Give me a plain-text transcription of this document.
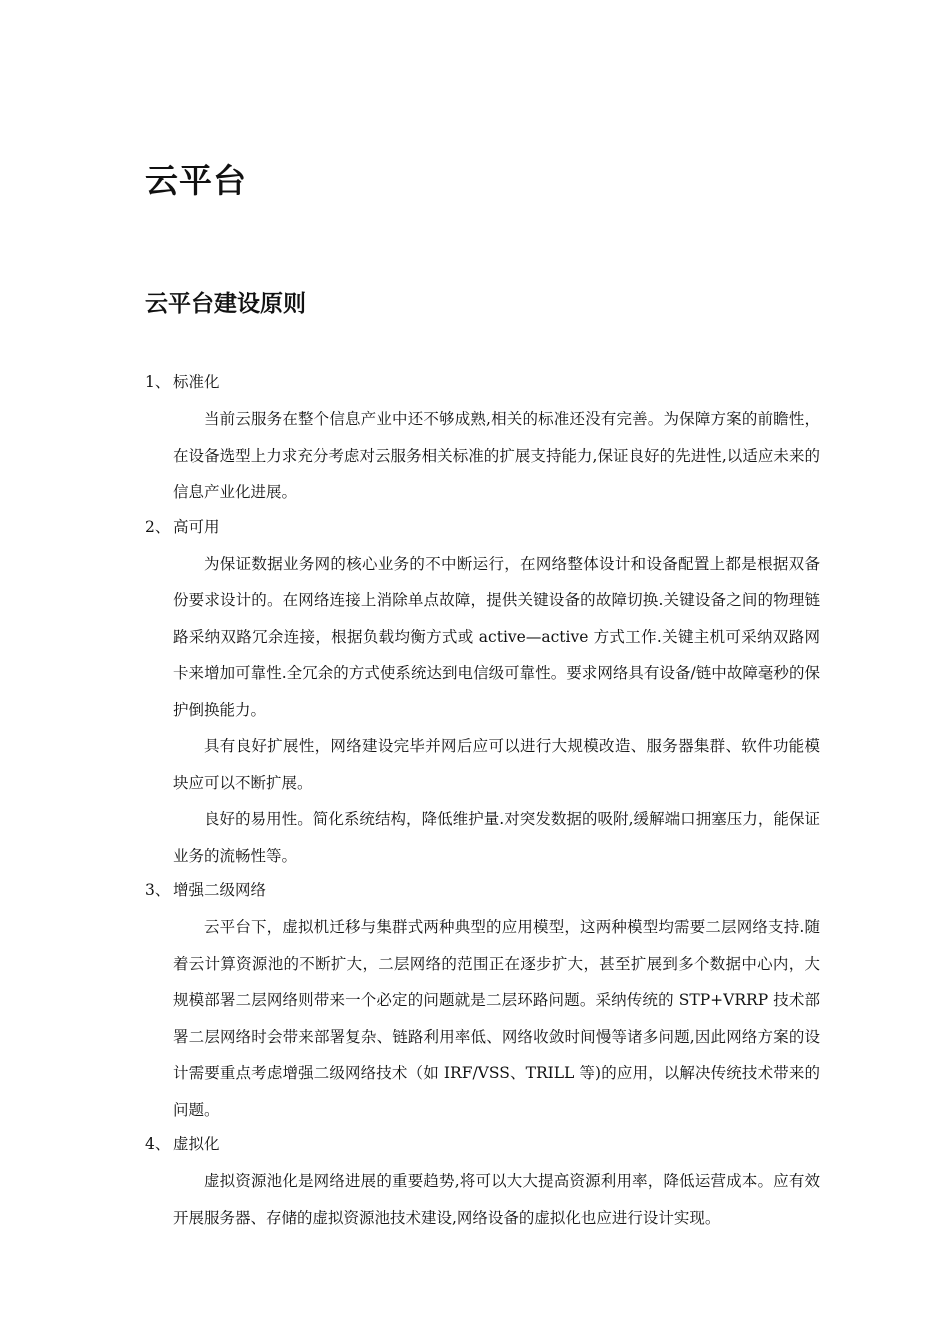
云平台
云平台建设原则
1、 标准化
当前云服务在整个信息产业中还不够成熟,相关的标准还没有完善。为保障方案的前瞻性，在设备选型上力求充分考虑对云服务相关标准的扩展支持能力,保证良好的先进性,以适应未来的信息产业化进展。
2、 高可用
为保证数据业务网的核心业务的不中断运行，在网络整体设计和设备配置上都是根据双备份要求设计的。在网络连接上消除单点故障，提供关键设备的故障切换.关键设备之间的物理链路采纳双路冗余连接，根据负载均衡方式或 active—active 方式工作.关键主机可采纳双路网卡来增加可靠性.全冗余的方式使系统达到电信级可靠性。要求网络具有设备/链中故障毫秒的保护倒换能力。
具有良好扩展性，网络建设完毕并网后应可以进行大规模改造、服务器集群、软件功能模块应可以不断扩展。
良好的易用性。简化系统结构，降低维护量.对突发数据的吸附,缓解端口拥塞压力，能保证业务的流畅性等。
3、 增强二级网络
云平台下，虚拟机迁移与集群式两种典型的应用模型，这两种模型均需要二层网络支持.随着云计算资源池的不断扩大，二层网络的范围正在逐步扩大，甚至扩展到多个数据中心内，大规模部署二层网络则带来一个必定的问题就是二层环路问题。采纳传统的 STP+VRRP 技术部署二层网络时会带来部署复杂、链路利用率低、网络收敛时间慢等诸多问题,因此网络方案的设计需要重点考虑增强二级网络技术（如 IRF/VSS、TRILL 等)的应用，以解决传统技术带来的问题。
4、 虚拟化
虚拟资源池化是网络进展的重要趋势,将可以大大提高资源利用率，降低运营成本。应有效开展服务器、存储的虚拟资源池技术建设,网络设备的虚拟化也应进行设计实现。
